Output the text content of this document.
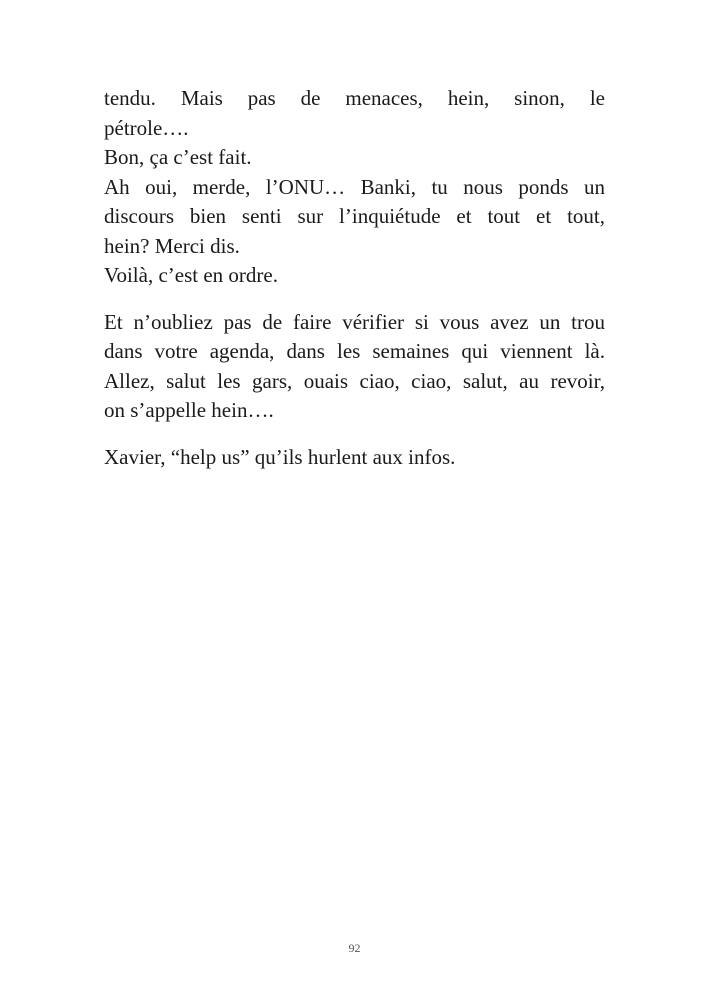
tendu. Mais pas de menaces, hein, sinon, le
pétrole….
Bon, ça c’est fait.
Ah oui, merde, l’ONU… Banki, tu nous ponds un
discours bien senti sur l’inquiétude et tout et tout,
hein? Merci dis.
Voilà, c’est en ordre.

Et n’oubliez pas de faire vérifier si vous avez un trou
dans votre agenda, dans les semaines qui viennent là.
Allez, salut les gars, ouais ciao, ciao, salut, au revoir,
on s’appelle hein….

Xavier, “help us” qu’ils hurlent aux infos.

92
